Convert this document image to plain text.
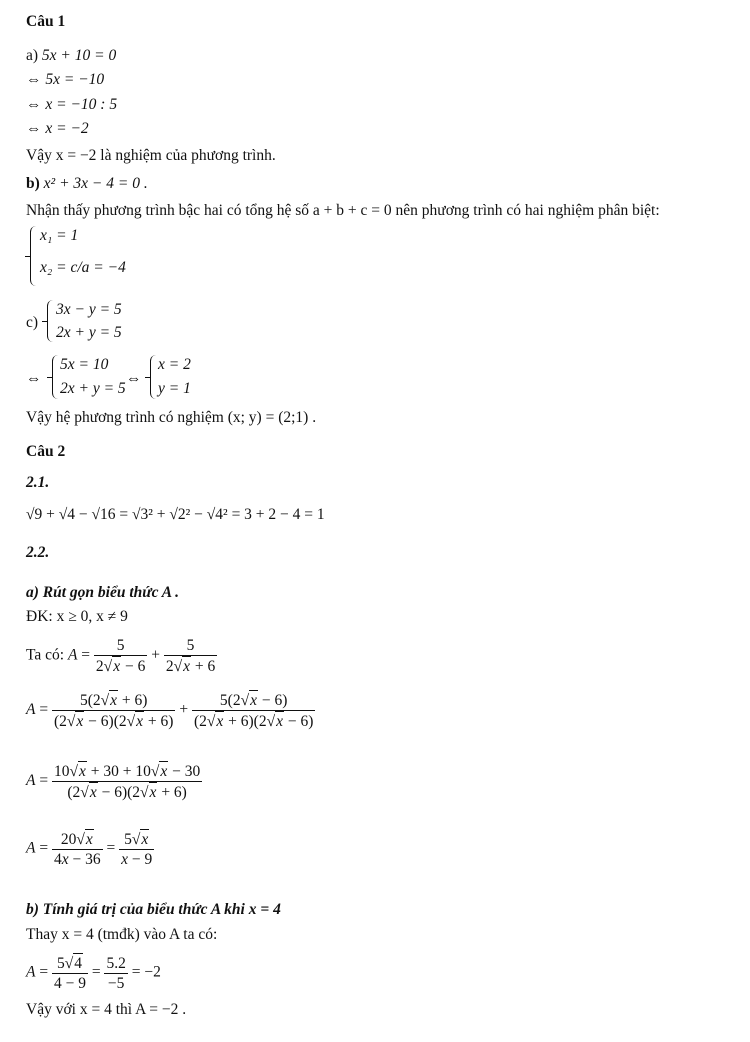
Câu 1
a) 5x + 10 = 0
⇔ 5x = −10
⇔ x = −10 : 5
⇔ x = −2
Vậy x = −2 là nghiệm của phương trình.
b) x² + 3x − 4 = 0 .
Nhận thấy phương trình bậc hai có tổng hệ số a + b + c = 0 nên phương trình có hai nghiệm phân biệt:
x₁ = 1
x₂ = c/a = −4
c)
3x − y = 5
2x + y = 5
⇔
5x = 10
2x + y = 5
⇔
x = 2
y = 1
Vậy hệ phương trình có nghiệm (x; y) = (2;1) .
Câu 2
2.1.
√9 + √4 − √16 = √3² + √2² − √4² = 3 + 2 − 4 = 1
2.2.
a) Rút gọn biểu thức A .
ĐK: x ≥ 0, x ≠ 9
Ta có: $A = \frac{5}{2√x - 6} + \frac{5}{2√x + 6}$
$A = \frac{5(2√x + 6)}{(2√x - 6)(2√x + 6)} + \frac{5(2√x - 6)}{(2√x + 6)(2√x - 6)}$
$A = \frac{10√x + 30 + 10√x - 30}{(2√x - 6)(2√x + 6)}$
$A = \frac{20√x}{4x - 36} = \frac{5√x}{x - 9}$
b) Tính giá trị của biểu thức A khi x = 4
Thay x = 4 (tmđk) vào A ta có:
$A = \frac{5√4}{4 - 9} = \frac{5.2}{-5} = -2$
Vậy với x = 4 thì A = −2 .
